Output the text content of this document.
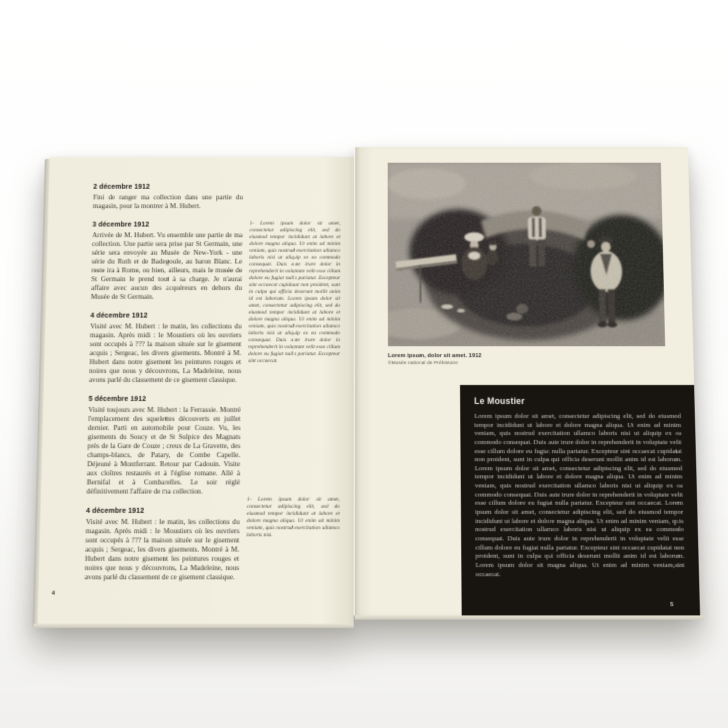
2 décembre 1912

Fini de ranger ma collection dans une partie du magasin, pour la montrer à M. Hubert.

3 décembre 1912

Arrivée de M. Hubert. Vu ensemble une partie de ma collection. Une partie sera prise par St Germain, une série sera envoyée au Musée de New-York - une série du Ruth et de Badegoule, au baron Blanc. Le reste ira à Rome, ou bien, ailleurs, mais le musée de St Germain le prend tout à sa charge. Je n'aurai affaire avec aucun des acquéreurs en dehors du Musée de St Germain.

4 décembre 1912

Visité avec M. Hubert : le matin, les collections du magasin. Après midi : le Moustiers où les ouvriers sont occupés à ??? la maison située sur le gisement acquis ; Sergeac, les divers gisements. Montré à M. Hubert dans notre gisement les peintures rouges et noires que nous y découvrons, La Madeleine, nous avons parlé du classement de ce gisement classique.

5 décembre 1912

Visité toujours avec M. Hubert : la Ferrassie. Montré l'emplacement des squelettes découverts en juillet dernier. Parti en automobile pour Couze. Vu, les gisements du Soucy et de St Sulpice des Magnats près de la Gare de Couze ; creux de La Gravette, des champs-blancs, de Patary, de Combe Capelle. Déjeuné à Montferrant. Retour par Cadouin. Visite aux cloîtres restaurés et à l'église romane. Allé à Bernifal et à Combarelles. Le soir réglé définitivement l'affaire de ma collection.

4 décembre 1912

Visité avec M. Hubert : le matin, les collections du magasin. Après midi : le Moustiers où les ouvriers sont occupés à ??? la maison située sur le gisement acquis ; Sergeac, les divers gisements. Montré à M. Hubert dans notre gisement les peintures rouges et noires que nous y découvrons, La Madeleine, nous avons parlé du classement de ce gisement classique.

1- Lorem ipsum dolor sit amet, consectetur adipiscing elit, sed do eiusmod tempor incididunt at labore et dolore magna aliqua. Ut enim ad minim veniam, quis nostrud exercitation ullamco laboris nisi ut aliquip ex ea commodo consequat. Duis aute irure dolor in reprehenderit in voluptate velit esse cillum dolore eu fugiat nulla pariatur. Excepteur sint occaecat cupidatat non proident, sunt in culpa qui officia deserunt mollit anim id est laborum. Lorem ipsum dolor sit amet, consectetur adipiscing elit, sed do eiusmod tempor incididunt at labore et dolore magna aliqua. Ut enim ad minim veniam, quis nostrud exercitation ullamco laboris nisi ut aliquip ex ea commodo consequat. Duis aute irure dolor in reprehenderit in voluptate velit esse cillum dolore eu fugiat nulla pariatur. Excepteur sint occaecat.
1- Lorem ipsum dolor sit amet, consectetur adipiscing elit, sed do eiusmod tempor incididunt at labore et dolore magna aliqua. Ut enim ad minim veniam, quis nostrud exercitation ullamco laboris nisi.
4
Lorem ipsum, dolor sit amet. 1912
©Musée national de Préhistoire
Le Moustier

Lorem ipsum dolor sit amet, consectetur adipiscing elit, sed do eiusmod tempor incididunt ut labore et dolore magna aliqua. Ut enim ad minim veniam, quis nostrud exercitation ullamco laboris nisi ut aliquip ex ea commodo consequat. Duis aute irure dolor in reprehenderit in voluptate velit esse cillum dolore eu fugiat nulla pariatur. Excepteur sint occaecat cupidatat non proident, sunt in culpa qui officia deserunt mollit anim id est laborum. Lorem ipsum dolor sit amet, consectetur adipiscing elit, sed do eiusmod tempor incididunt ut labore et dolore magna aliqua. Ut enim ad minim veniam, quis nostrud exercitation ullamco laboris nisi ut aliquip ex ea commodo consequat. Duis aute irure dolor in reprehenderit in voluptate velit esse cillum dolore eu fugiat nulla pariatur. Excepteur sint occaecat. Lorem ipsum dolor sit amet, consectetur adipiscing elit, sed do eiusmod tempor incididunt ut labore et dolore magna aliqua. Ut enim ad minim veniam, quis nostrud exercitation ullamco laboris nisi ut aliquip ex ea commodo consequat. Duis aute irure dolor in reprehenderit in voluptate velit esse cillum dolore eu fugiat nulla pariatur. Excepteur sint occaecat cupidatat non proident, sunt in culpa qui officia deserunt mollit anim id est laborum. Lorem ipsum dolor sit magna aliqua. Ut enim ad minim veniam,sint occaecat.

5
